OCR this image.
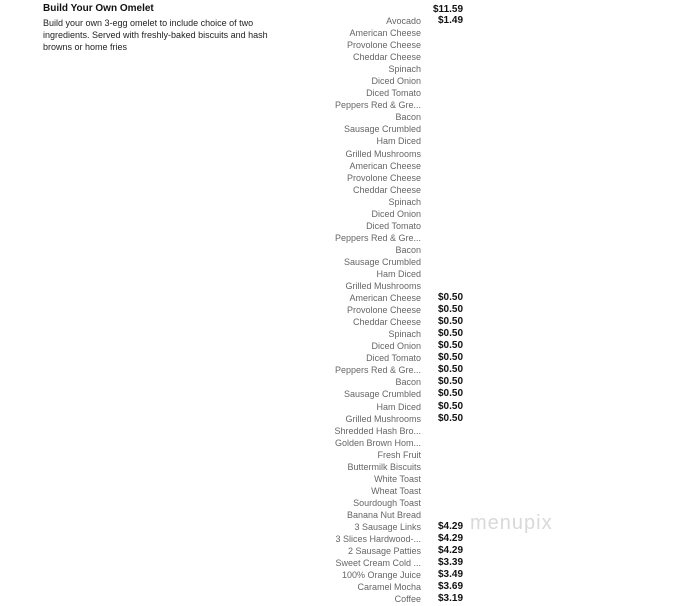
Build Your Own Omelet
Build your own 3-egg omelet to include choice of two ingredients. Served with freshly-baked biscuits and hash browns or home fries
$11.59
Avocado $1.49
American Cheese
Provolone Cheese
Cheddar Cheese
Spinach
Diced Onion
Diced Tomato
Peppers Red & Gre...
Bacon
Sausage Crumbled
Ham Diced
Grilled Mushrooms
American Cheese
Provolone Cheese
Cheddar Cheese
Spinach
Diced Onion
Diced Tomato
Peppers Red & Gre...
Bacon
Sausage Crumbled
Ham Diced
Grilled Mushrooms
American Cheese $0.50
Provolone Cheese $0.50
Cheddar Cheese $0.50
Spinach $0.50
Diced Onion $0.50
Diced Tomato $0.50
Peppers Red & Gre... $0.50
Bacon $0.50
Sausage Crumbled $0.50
Ham Diced $0.50
Grilled Mushrooms $0.50
Shredded Hash Bro...
Golden Brown Hom...
Fresh Fruit
Buttermilk Biscuits
White Toast
Wheat Toast
Sourdough Toast
Banana Nut Bread
3 Sausage Links $4.29
3 Slices Hardwood-... $4.29
2 Sausage Patties $4.29
Sweet Cream Cold ... $3.39
100% Orange Juice $3.49
Caramel Mocha $3.69
Coffee $3.19
menupix
